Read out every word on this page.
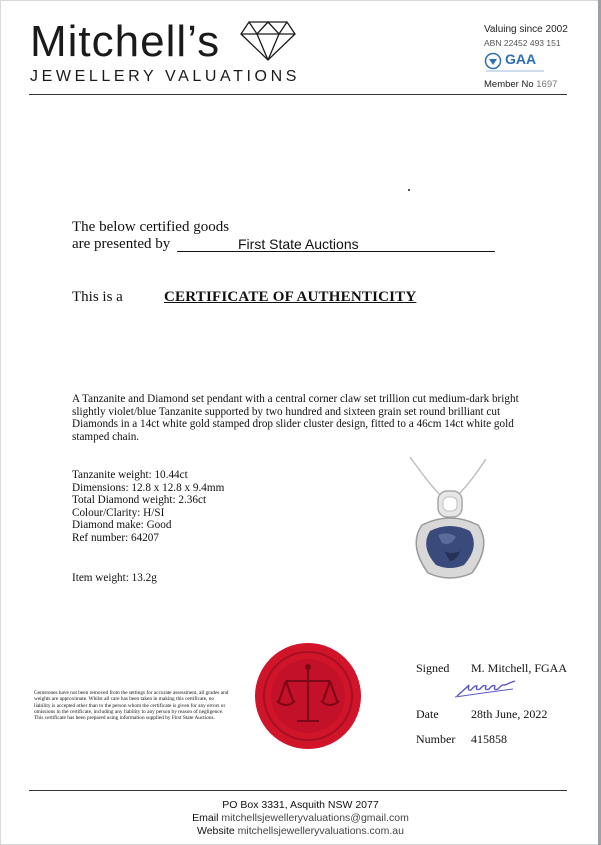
Mitchell’s
JEWELLERY VALUATIONS
Valuing since 2002
ABN 22452 493 151
GAA
Member No 1697
The below certified goods
are presented by	First State Auctions
This is a	CERTIFICATE OF AUTHENTICITY
A Tanzanite and Diamond set pendant with a central corner claw set trillion cut medium-dark bright slightly violet/blue Tanzanite supported by two hundred and sixteen grain set round brilliant cut Diamonds in a 14ct white gold stamped drop slider cluster design, fitted to a 46cm 14ct white gold stamped chain.
Tanzanite weight: 10.44ct
Dimensions: 12.8 x 12.8 x 9.4mm
Total Diamond weight: 2.36ct
Colour/Clarity: H/SI
Diamond make: Good
Ref number: 64207
Item weight: 13.2g
Gemstones have not been removed from the settings for accurate assessment, all grades and weights are approximate. Whilst all care has been taken in making this certificate, no liability is accepted other than to the person whom the certificate is given for any errors or omissions in the certificate, including any liability to any person by reason of negligence. This certificate has been prepared using information supplied by First State Auctions.
Signed M. Mitchell, FGAA
Date	28th June, 2022
Number 415858
PO Box 3331, Asquith NSW 2077
Email mitchellsjewelleryvaluations@gmail.com
Website mitchellsjewelleryvaluations.com.au
